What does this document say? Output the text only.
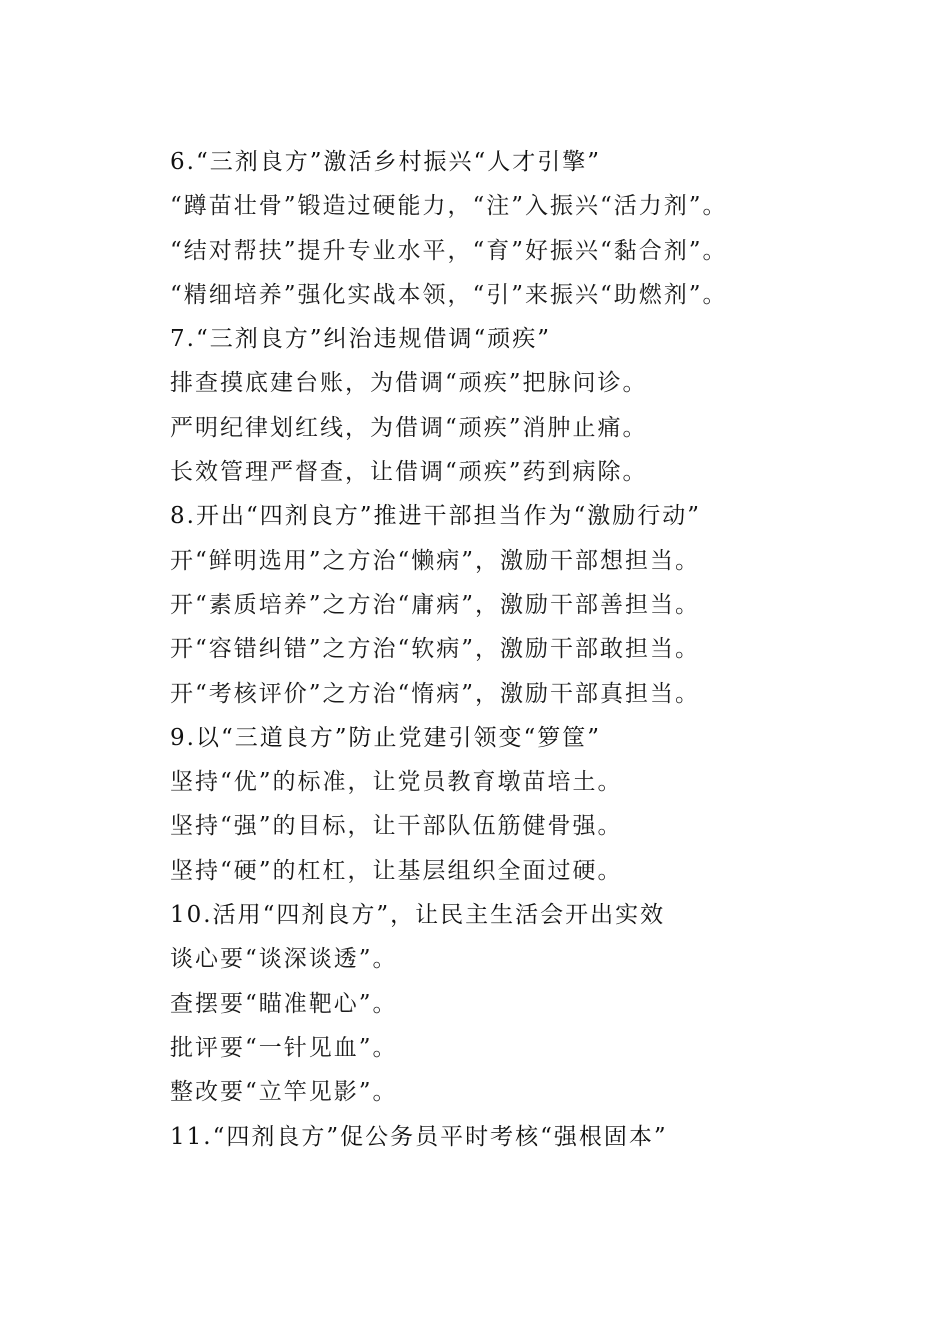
6.“三剂良方”激活乡村振兴“人才引擎”
“蹲苗壮骨”锻造过硬能力，“注”入振兴“活力剂”。
“结对帮扶”提升专业水平，“育”好振兴“黏合剂”。
“精细培养”强化实战本领，“引”来振兴“助燃剂”。
7.“三剂良方”纠治违规借调“顽疾”
排查摸底建台账，为借调“顽疾”把脉问诊。
严明纪律划红线，为借调“顽疾”消肿止痛。
长效管理严督查，让借调“顽疾”药到病除。
8.开出“四剂良方”推进干部担当作为“激励行动”
开“鲜明选用”之方治“懒病”，激励干部想担当。
开“素质培养”之方治“庸病”，激励干部善担当。
开“容错纠错”之方治“软病”，激励干部敢担当。
开“考核评价”之方治“惰病”，激励干部真担当。
9.以“三道良方”防止党建引领变“箩筐”
坚持“优”的标准，让党员教育墩苗培土。
坚持“强”的目标，让干部队伍筋健骨强。
坚持“硬”的杠杠，让基层组织全面过硬。
10.活用“四剂良方”，让民主生活会开出实效
谈心要“谈深谈透”。
查摆要“瞄准靶心”。
批评要“一针见血”。
整改要“立竿见影”。
11.“四剂良方”促公务员平时考核“强根固本”
